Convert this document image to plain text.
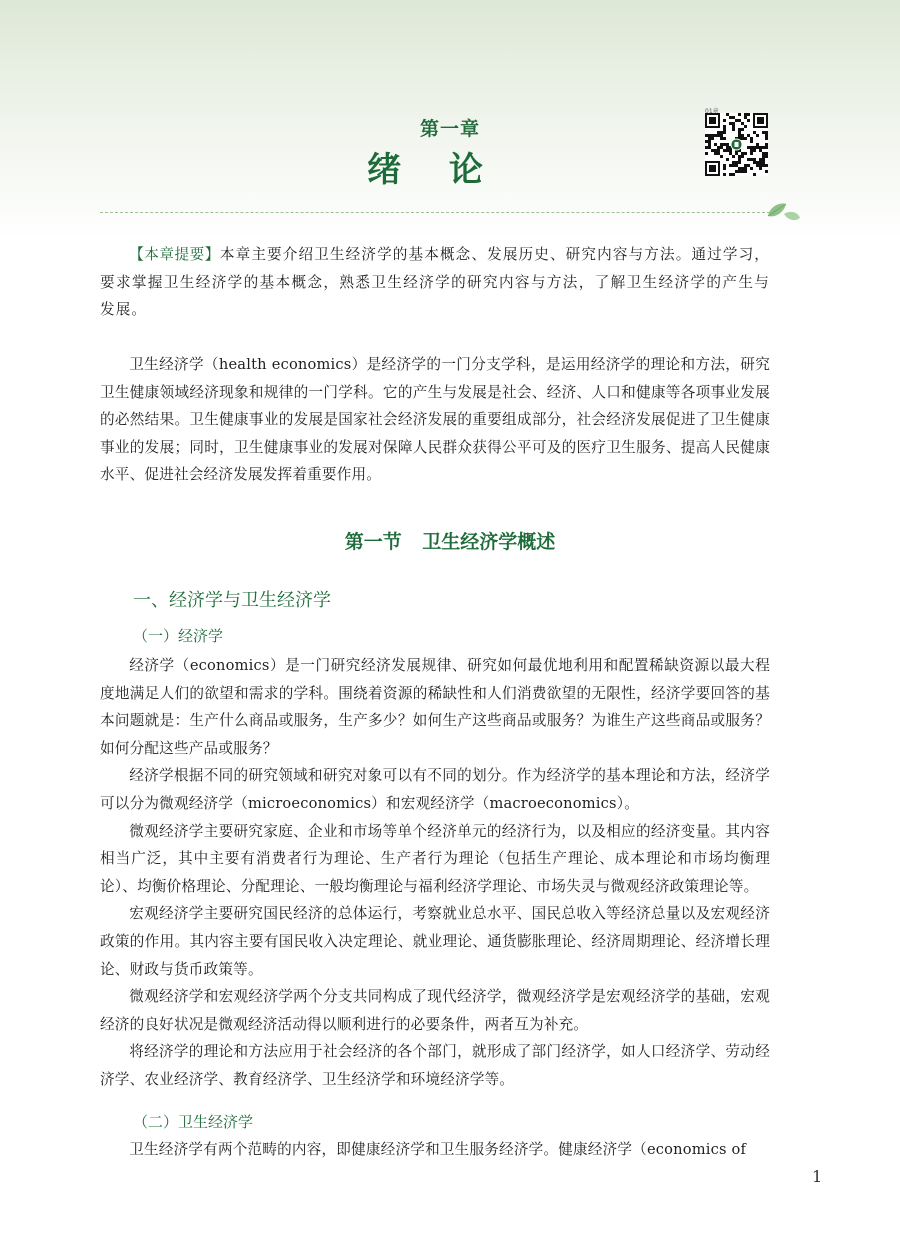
第一章
绪 论
01章
【本章提要】本章主要介绍卫生经济学的基本概念、发展历史、研究内容与方法。通过学习，要求掌握卫生经济学的基本概念，熟悉卫生经济学的研究内容与方法，了解卫生经济学的产生与发展。

卫生经济学（health economics）是经济学的一门分支学科，是运用经济学的理论和方法，研究卫生健康领域经济现象和规律的一门学科。它的产生与发展是社会、经济、人口和健康等各项事业发展的必然结果。卫生健康事业的发展是国家社会经济发展的重要组成部分，社会经济发展促进了卫生健康事业的发展；同时，卫生健康事业的发展对保障人民群众获得公平可及的医疗卫生服务、提高人民健康水平、促进社会经济发展发挥着重要作用。

第一节 卫生经济学概述
一、经济学与卫生经济学
（一）经济学

经济学（economics）是一门研究经济发展规律、研究如何最优地利用和配置稀缺资源以最大程度地满足人们的欲望和需求的学科。围绕着资源的稀缺性和人们消费欲望的无限性，经济学要回答的基本问题就是：生产什么商品或服务，生产多少？如何生产这些商品或服务？为谁生产这些商品或服务？如何分配这些产品或服务？

经济学根据不同的研究领域和研究对象可以有不同的划分。作为经济学的基本理论和方法，经济学可以分为微观经济学（microeconomics）和宏观经济学（macroeconomics）。

微观经济学主要研究家庭、企业和市场等单个经济单元的经济行为，以及相应的经济变量。其内容相当广泛，其中主要有消费者行为理论、生产者行为理论（包括生产理论、成本理论和市场均衡理论）、均衡价格理论、分配理论、一般均衡理论与福利经济学理论、市场失灵与微观经济政策理论等。

宏观经济学主要研究国民经济的总体运行，考察就业总水平、国民总收入等经济总量以及宏观经济政策的作用。其内容主要有国民收入决定理论、就业理论、通货膨胀理论、经济周期理论、经济增长理论、财政与货币政策等。

微观经济学和宏观经济学两个分支共同构成了现代经济学，微观经济学是宏观经济学的基础，宏观经济的良好状况是微观经济活动得以顺利进行的必要条件，两者互为补充。

将经济学的理论和方法应用于社会经济的各个部门，就形成了部门经济学，如人口经济学、劳动经济学、农业经济学、教育经济学、卫生经济学和环境经济学等。

（二）卫生经济学

卫生经济学有两个范畴的内容，即健康经济学和卫生服务经济学。健康经济学（economics of

1
